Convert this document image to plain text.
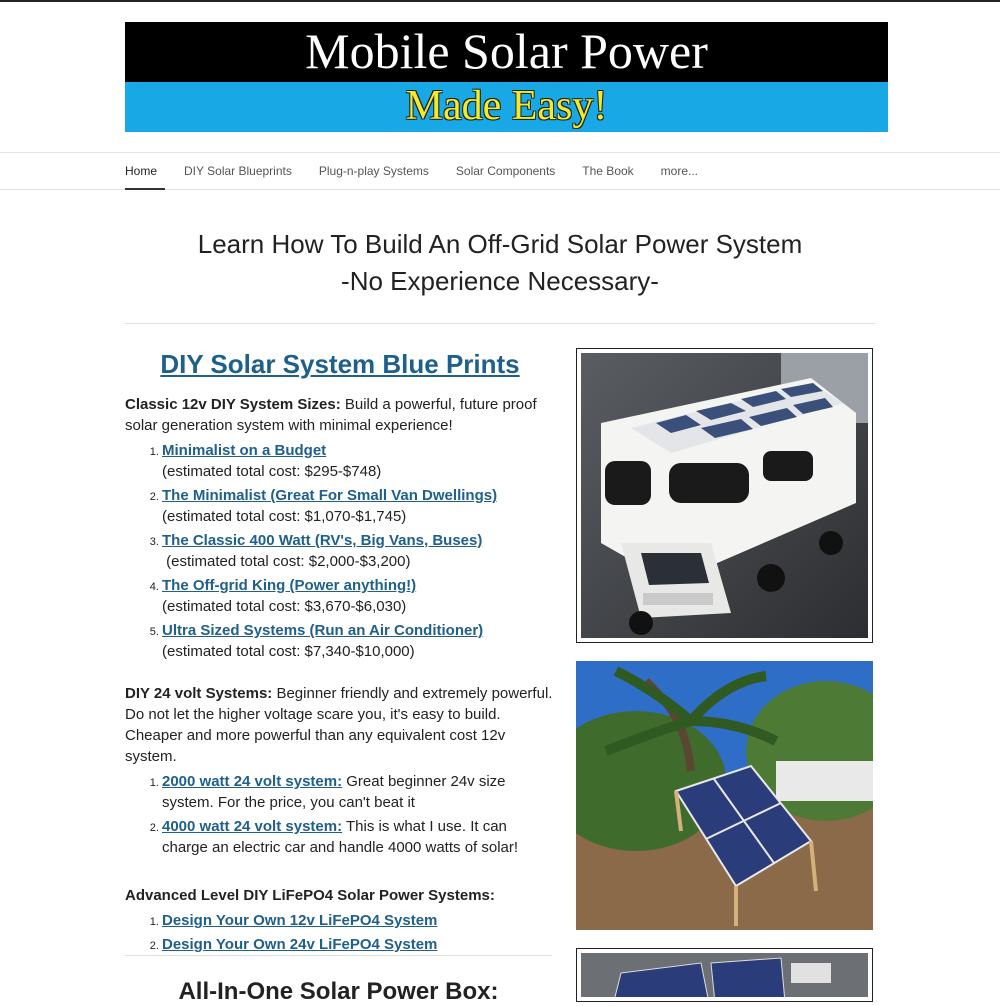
Mobile Solar Power
Made Easy!
Home DIY Solar Blueprints Plug-n-play Systems Solar Components The Book more...
Learn How To Build An Off-Grid Solar Power System
-No Experience Necessary-
DIY Solar System Blue Prints

Classic 12v DIY System Sizes: Build a powerful, future proof solar generation system with minimal experience!

1. Minimalist on a Budget
(estimated total cost: $295-$748)
2. The Minimalist (Great For Small Van Dwellings)
(estimated total cost: $1,070-$1,745)
3. The Classic 400 Watt (RV's, Big Vans, Buses)
(estimated total cost: $2,000-$3,200)
4. The Off-grid King (Power anything!)
(estimated total cost: $3,670-$6,030)
5. Ultra Sized Systems (Run an Air Conditioner)
(estimated total cost: $7,340-$10,000)

DIY 24 volt Systems: Beginner friendly and extremely powerful. Do not let the higher voltage scare you, it's easy to build. Cheaper and more powerful than any equivalent cost 12v system.

1. 2000 watt 24 volt system: Great beginner 24v size system. For the price, you can't beat it
2. 4000 watt 24 volt system: This is what I use. It can charge an electric car and handle 4000 watts of solar!

Advanced Level DIY LiFePO4 Solar Power Systems:

1. Design Your Own 12v LiFePO4 System
2. Design Your Own 24v LiFePO4 System
All-In-One Solar Power Box:
